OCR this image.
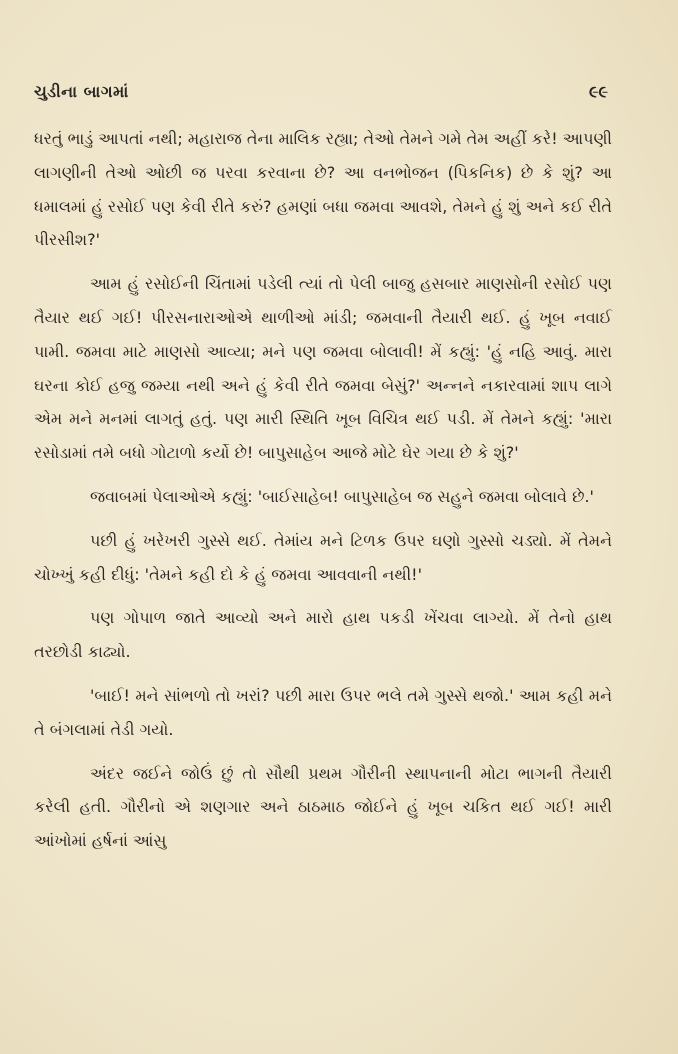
ચુડીના બાગમાં	૯૯

ધરતું ભાડું આપતાં નથી; મહારાજ તેના માલિક રહ્યા; તેઓ તેમને ગમે તેમ અહીં કરે! આપણી લાગણીની તેઓ ઓછી જ પરવા કરવાના છે? આ વનભોજન (પિકનિક) છે કે શું? આ ધમાલમાં હું રસોઈ પણ કેવી રીતે કરું? હમણાં બધા જમવા આવશે, તેમને હું શું અને કઈ રીતે પીરસીશ?'

આમ હું રસોઈની ચિંતામાં પડેલી ત્યાં તો પેલી બાજુ હસબાર માણસોની રસોઈ પણ તૈયાર થઈ ગઈ! પીરસનારાઓએ થાળીઓ માંડી; જમવાની તૈયારી થઈ. હું ખૂબ નવાઈ પામી. જમવા માટે માણસો આવ્યા; મને પણ જમવા બોલાવી! મેં કહ્યું: 'હું નહિ આવું. મારા ઘરના કોઈ હજુ જમ્યા નથી અને હું કેવી રીતે જમવા બેસું?' અન્નને નકારવામાં શાપ લાગે એમ મને મનમાં લાગતું હતું. પણ મારી સ્થિતિ ખૂબ વિચિત્ર થઈ પડી. મેં તેમને કહ્યું: 'મારા રસોડામાં તમે બધો ગોટાળો કર્યો છે! બાપુસાહેબ આજે મોટે ઘેર ગયા છે કે શું?'

જવાબમાં પેલાઓએ કહ્યું: 'બાઈસાહેબ! બાપુસાહેબ જ સહુને જમવા બોલાવે છે.'

પછી હું ખરેખરી ગુસ્સે થઈ. તેમાંય મને ટિળક ઉપર ઘણો ગુસ્સો ચડ્યો. મેં તેમને ચોખ્ખું કહી દીધું: 'તેમને કહી દો કે હું જમવા આવવાની નથી!'

પણ ગોપાળ જાતે આવ્યો અને મારો હાથ પકડી ખેંચવા લાગ્યો. મેં તેનો હાથ તરછોડી કાઢ્યો.

'બાઈ! મને સાંભળો તો ખરાં? પછી મારા ઉપર ભલે તમે ગુસ્સે થજો.' આમ કહી મને તે બંગલામાં તેડી ગયો.

અંદર જઈને જોઉં છું તો સૌથી પ્રથમ ગૌરીની સ્થાપનાની મોટા ભાગની તૈયારી કરેલી હતી. ગૌરીનો એ શણગાર અને ઠાઠમાઠ જોઈને હું ખૂબ ચકિત થઈ ગઈ! મારી આંખોમાં હર્ષનાં આંસુ
